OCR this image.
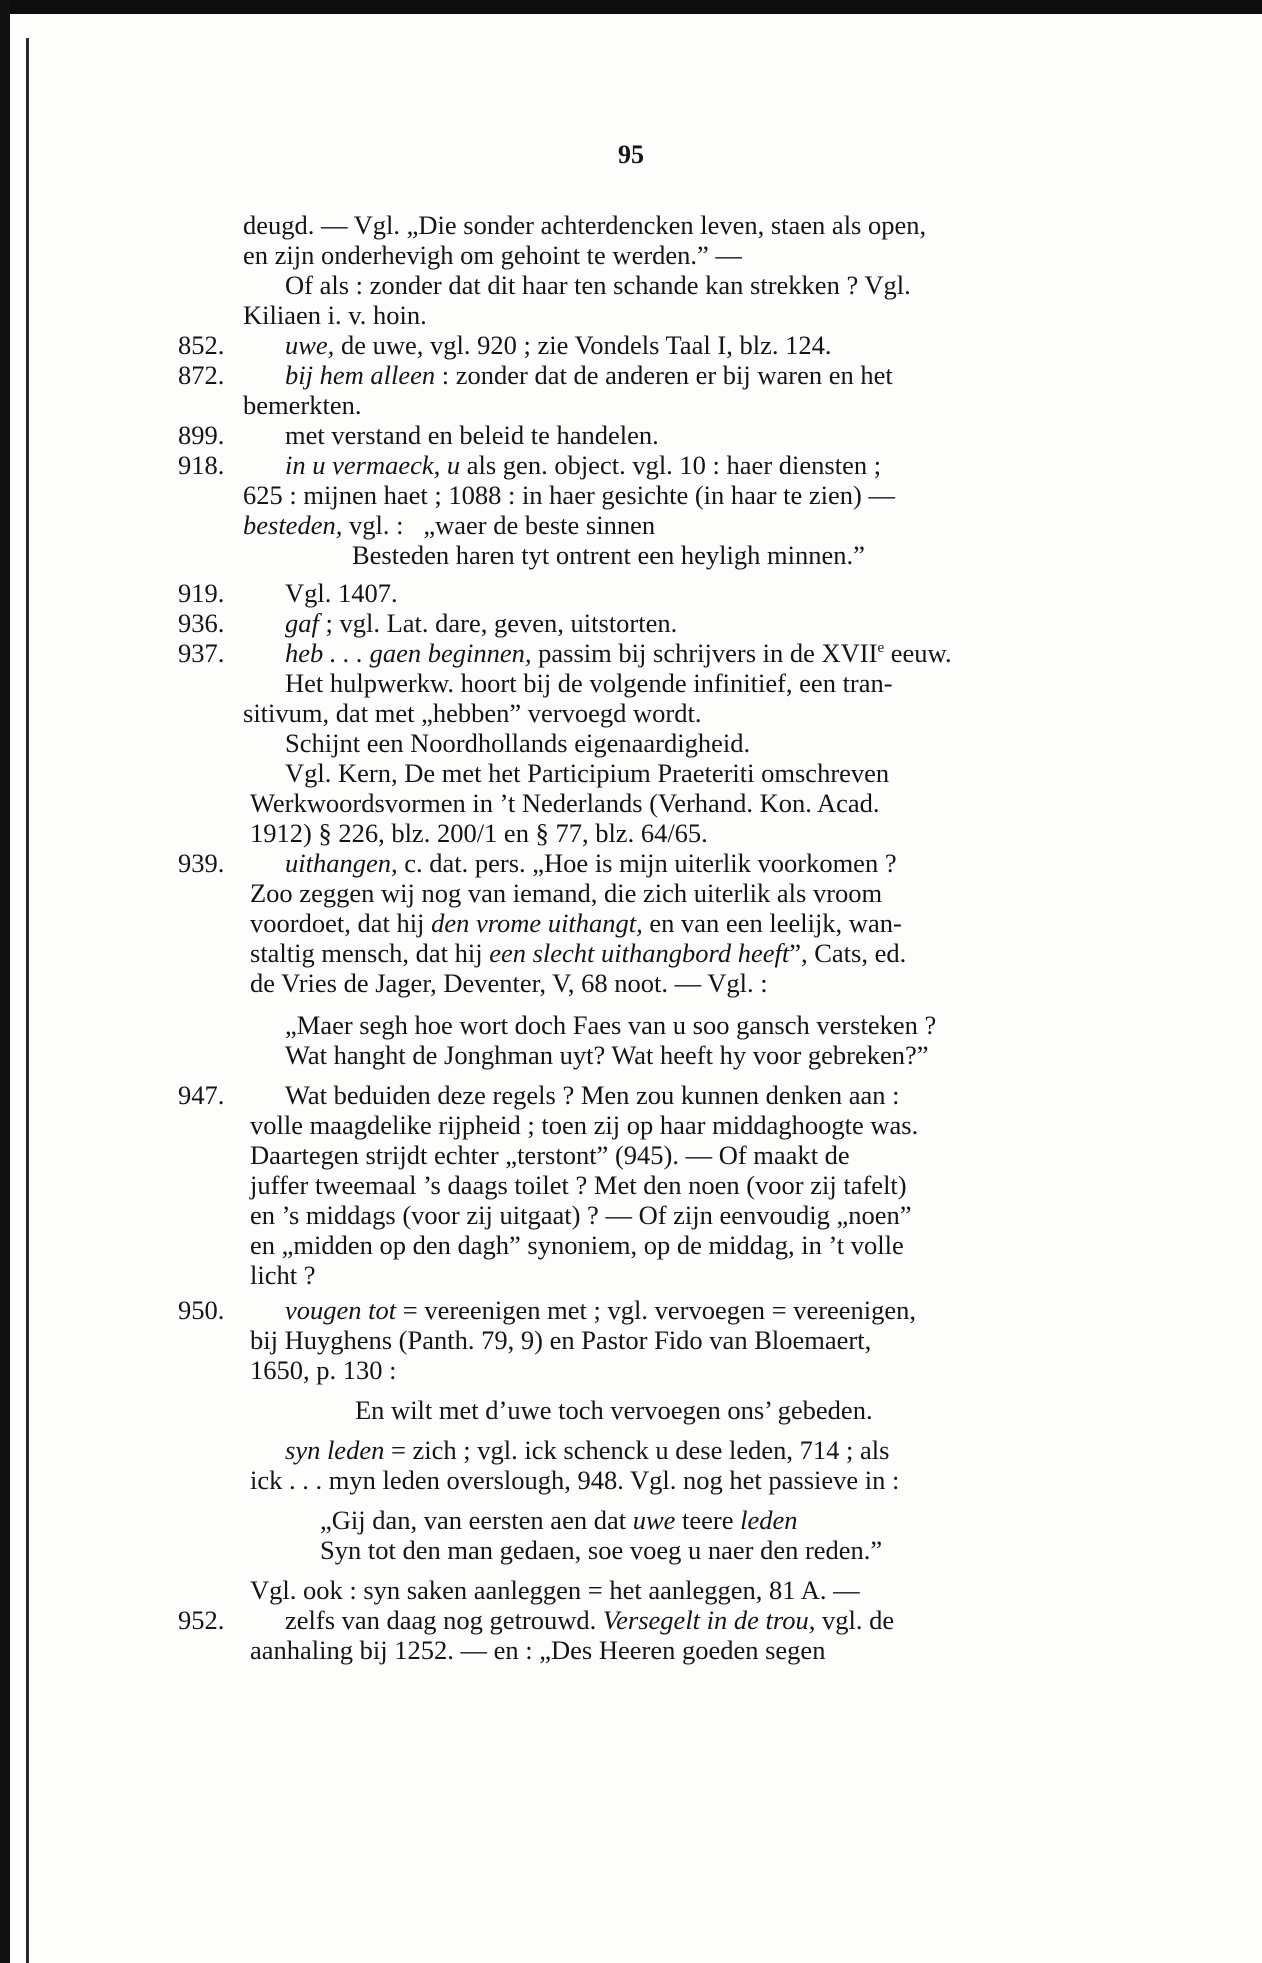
95
deugd. — Vgl. „Die sonder achterdencken leven, staen als open,
en zijn onderhevigh om gehoint te werden.” —
Of als : zonder dat dit haar ten schande kan strekken ? Vgl.
Kiliaen i. v. hoin.
852. uwe, de uwe, vgl. 920 ; zie Vondels Taal I, blz. 124.
872. bij hem alleen : zonder dat de anderen er bij waren en het
bemerkten.
899. met verstand en beleid te handelen.
918. in u vermaeck, u als gen. object. vgl. 10 : haer diensten ;
625 : mijnen haet ; 1088 : in haer gesichte (in haar te zien) —
besteden, vgl. :   „waer de beste sinnen
Besteden haren tyt ontrent een heyligh minnen.”
919. Vgl. 1407.
936. gaf ; vgl. Lat. dare, geven, uitstorten.
937. heb . . . gaen beginnen, passim bij schrijvers in de XVIIe eeuw.
Het hulpwerkw. hoort bij de volgende infinitief, een tran-
sitivum, dat met „hebben” vervoegd wordt.
Schijnt een Noordhollands eigenaardigheid.
Vgl. Kern, De met het Participium Praeteriti omschreven
Werkwoordsvormen in ’t Nederlands (Verhand. Kon. Acad.
1912) § 226, blz. 200/1 en § 77, blz. 64/65.
939. uithangen, c. dat. pers. „Hoe is mijn uiterlik voorkomen ?
Zoo zeggen wij nog van iemand, die zich uiterlik als vroom
voordoet, dat hij den vrome uithangt, en van een leelijk, wan-
staltig mensch, dat hij een slecht uithangbord heeft”, Cats, ed.
de Vries de Jager, Deventer, V, 68 noot. — Vgl. :
„Maer segh hoe wort doch Faes van u soo gansch versteken ?
Wat hanght de Jonghman uyt? Wat heeft hy voor gebreken?”
947. Wat beduiden deze regels ? Men zou kunnen denken aan :
volle maagdelike rijpheid ; toen zij op haar middaghoogte was.
Daartegen strijdt echter „terstont” (945). — Of maakt de
juffer tweemaal ’s daags toilet ? Met den noen (voor zij tafelt)
en ’s middags (voor zij uitgaat) ? — Of zijn eenvoudig „noen”
en „midden op den dagh” synoniem, op de middag, in ’t volle
licht ?
950. vougen tot = vereenigen met ; vgl. vervoegen = vereenigen,
bij Huyghens (Panth. 79, 9) en Pastor Fido van Bloemaert,
1650, p. 130 :
En wilt met d’uwe toch vervoegen ons’ gebeden.
syn leden = zich ; vgl. ick schenck u dese leden, 714 ; als
ick . . . myn leden overslough, 948. Vgl. nog het passieve in :
„Gij dan, van eersten aen dat uwe teere leden
Syn tot den man gedaen, soe voeg u naer den reden.”
Vgl. ook : syn saken aanleggen = het aanleggen, 81 A. —
952. zelfs van daag nog getrouwd. Versegelt in de trou, vgl. de
aanhaling bij 1252. — en : „Des Heeren goeden segen
